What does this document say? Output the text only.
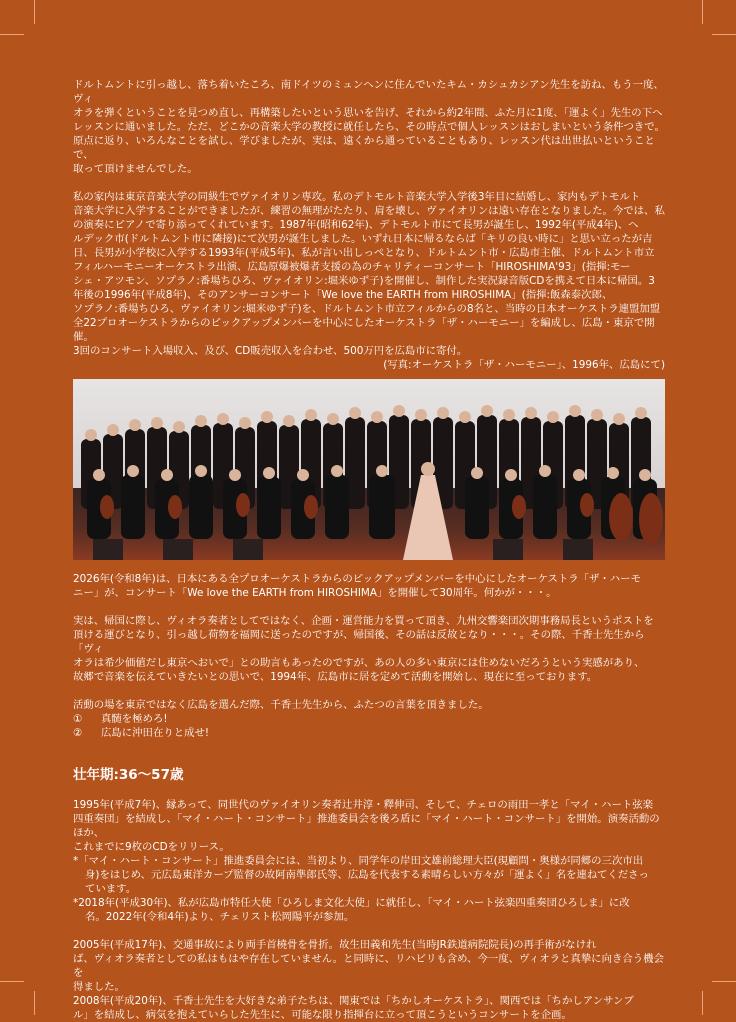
ドルトムントに引っ越し、落ち着いたころ、南ドイツのミュンヘンに住んでいたキム・カシュカシアン先生を訪ね、もう一度、ヴィ
オラを弾くということを見つめ直し、再構築したいという思いを告げ、それから約2年間、ふた月に1度、「運よく」先生の下へ
レッスンに通いました。ただ、どこかの音楽大学の教授に就任したら、その時点で個人レッスンはおしまいという条件つきで。
原点に返り、いろんなことを試し、学びましたが、実は、遠くから通っていることもあり、レッスン代は出世払いということで、
取って頂けませんでした。

私の家内は東京音楽大学の同級生でヴァイオリン専攻。私のデトモルト音楽大学入学後3年目に結婚し、家内もデトモルト
音楽大学に入学することができましたが、練習の無理がたたり、肩を壊し、ヴァイオリンは遠い存在となりました。今では、私
の演奏にピアノで寄り添ってくれています。1987年(昭和62年)、デトモルト市にて長男が誕生し、1992年(平成4年)、ヘ
ルデック市(ドルトムント市に隣接)にて次男が誕生しました。いずれ日本に帰るならば「キリの良い時に」と思い立ったが吉
日、長男が小学校に入学する1993年(平成5年)、私が言い出しっぺとなり、ドルトムント市・広島市主催、ドルトムント市立
フィルハーモニーオーケストラ出演、広島原爆被爆者支援の為のチャリティーコンサート「HIROSHIMA'93」(指揮:モー
シェ・アツモン、ソプラノ:番場ちひろ、ヴァイオリン:堀米ゆず子)を開催し、制作した実況録音版CDを携えて日本に帰国。3
年後の1996年(平成8年)、そのアンサーコンサート「We love the EARTH from HIROSHIMA」(指揮:飯森泰次郎、
ソプラノ:番場ちひろ、ヴァイオリン:堀米ゆず子)を、ドルトムント市立フィルからの8名と、当時の日本オーケストラ連盟加盟
全22プロオーケストラからのピックアップメンバーを中心にしたオーケストラ「ザ・ハーモニー」を編成し、広島・東京で開催。
3回のコンサート入場収入、及び、CD販売収入を合わせ、500万円を広島市に寄付。

(写真:オーケストラ「ザ・ハーモニー」、1996年、広島にて)

2026年(令和8年)は、日本にある全プロオーケストラからのピックアップメンバーを中心にしたオーケストラ「ザ・ハーモ
ニー」が、コンサート「We love the EARTH from HIROSHIMA」を開催して30周年。何かが・・・。

実は、帰国に際し、ヴィオラ奏者としてではなく、企画・運営能力を買って頂き、九州交響楽団次期事務局長というポストを
頂ける運びとなり、引っ越し荷物を福岡に送ったのですが、帰国後、その話は反故となり・・・。その際、千香士先生から「ヴィ
オラは希少価値だし東京へおいで」との助言もあったのですが、あの人の多い東京には住めないだろうという実感があり、
故郷で音楽を伝えていきたいとの思いで、1994年、広島市に居を定めて活動を開始し、現在に至っております。

活動の場を東京ではなく広島を選んだ際、千香士先生から、ふたつの言葉を頂きました。

①	真髄を極めろ!
②	広島に沖田在りと成せ!
壮年期:36〜57歳

1995年(平成7年)、縁あって、同世代のヴァイオリン奏者辻井淳・釋伸司、そして、チェロの雨田一孝と「マイ・ハート弦楽
四重奏団」を結成し、「マイ・ハート・コンサート」推進委員会を後ろ盾に「マイ・ハート・コンサート」を開始。演奏活動のほか、
これまでに9枚のCDをリリース。

*「マイ・ハート・コンサート」推進委員会には、当初より、同学年の岸田文雄前総理大臣(現顧問・奥様が同郷の三次市出
身)をはじめ、元広島東洋カープ監督の故阿南準郎氏等、広島を代表する素晴らしい方々が「運よく」名を連ねてくださっ
ています。

*2018年(平成30年)、私が広島市特任大使「ひろしま文化大使」に就任し、「マイ・ハート弦楽四重奏団ひろしま」に改
名。2022年(令和4年)より、チェリスト松岡陽平が参加。

2005年(平成17年)、交通事故により両手首橈骨を骨折。故生田義和先生(当時JR鉄道病院院長)の再手術がなけれ
ば、ヴィオラ奏者としての私はもはや存在していません。と同時に、リハビリも含め、今一度、ヴィオラと真摯に向き合う機会を
得ました。

2008年(平成20年)、千香士先生を大好きな弟子たちは、関東では「ちかしオーケストラ」、関西では「ちかしアンサンブ
ル」を結成し、病気を抱えていらした先生に、可能な限り指揮台に立って頂こうというコンサートを企画。
